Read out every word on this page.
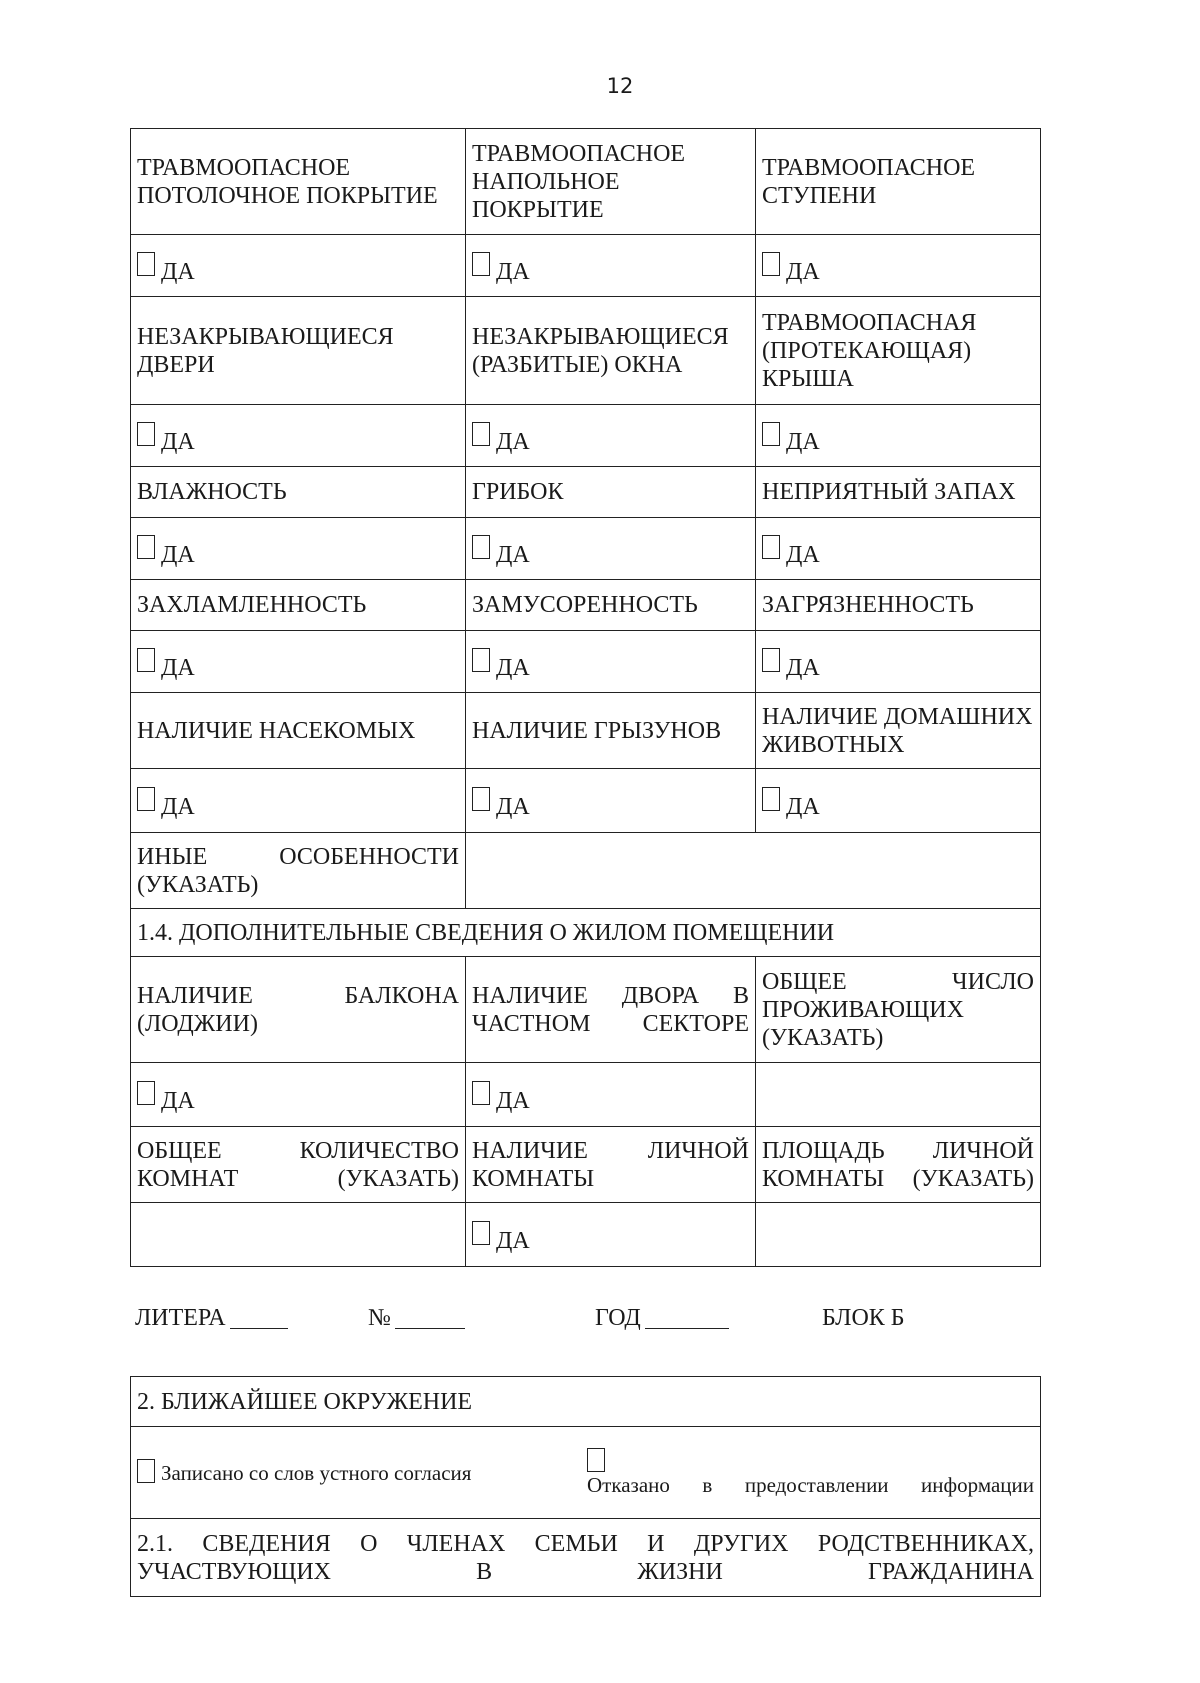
12
ТРАВМООПАСНОЕ ПОТОЛОЧНОЕ ПОКРЫТИЕ	ТРАВМООПАСНОЕ НАПОЛЬНОЕ ПОКРЫТИЕ	ТРАВМООПАСНОЕ СТУПЕНИ
ДА	ДА	ДА
НЕЗАКРЫВАЮЩИЕСЯ ДВЕРИ	НЕЗАКРЫВАЮЩИЕСЯ (РАЗБИТЫЕ) ОКНА	ТРАВМООПАСНАЯ (ПРОТЕКАЮЩАЯ) КРЫША
ДА	ДА	ДА
ВЛАЖНОСТЬ	ГРИБОК	НЕПРИЯТНЫЙ ЗАПАХ
ДА	ДА	ДА
ЗАХЛАМЛЕННОСТЬ	ЗАМУСОРЕННОСТЬ	ЗАГРЯЗНЕННОСТЬ
ДА	ДА	ДА
НАЛИЧИЕ НАСЕКОМЫХ	НАЛИЧИЕ ГРЫЗУНОВ	НАЛИЧИЕ ДОМАШНИХ ЖИВОТНЫХ
ДА	ДА	ДА
ИНЫЕ ОСОБЕННОСТИ (УКАЗАТЬ)		
1.4. ДОПОЛНИТЕЛЬНЫЕ СВЕДЕНИЯ О ЖИЛОМ ПОМЕЩЕНИИ		
НАЛИЧИЕ БАЛКОНА (ЛОДЖИИ)	НАЛИЧИЕ ДВОРА В ЧАСТНОМ СЕКТОРЕ	ОБЩЕЕ ЧИСЛО ПРОЖИВАЮЩИХ (УКАЗАТЬ)
ДА	ДА	
ОБЩЕЕ КОЛИЧЕСТВО КОМНАТ (УКАЗАТЬ)	НАЛИЧИЕ ЛИЧНОЙ КОМНАТЫ	ПЛОЩАДЬ ЛИЧНОЙ КОМНАТЫ (УКАЗАТЬ)
	ДА	
ЛИТЕРА	№	ГОД	БЛОК Б
2. БЛИЖАЙШЕЕ ОКРУЖЕНИЕ

Записано со слов устного согласия	Отказано в предоставлении информации

2.1. СВЕДЕНИЯ О ЧЛЕНАХ СЕМЬИ И ДРУГИХ РОДСТВЕННИКАХ, УЧАСТВУЮЩИХ В ЖИЗНИ ГРАЖДАНИНА
